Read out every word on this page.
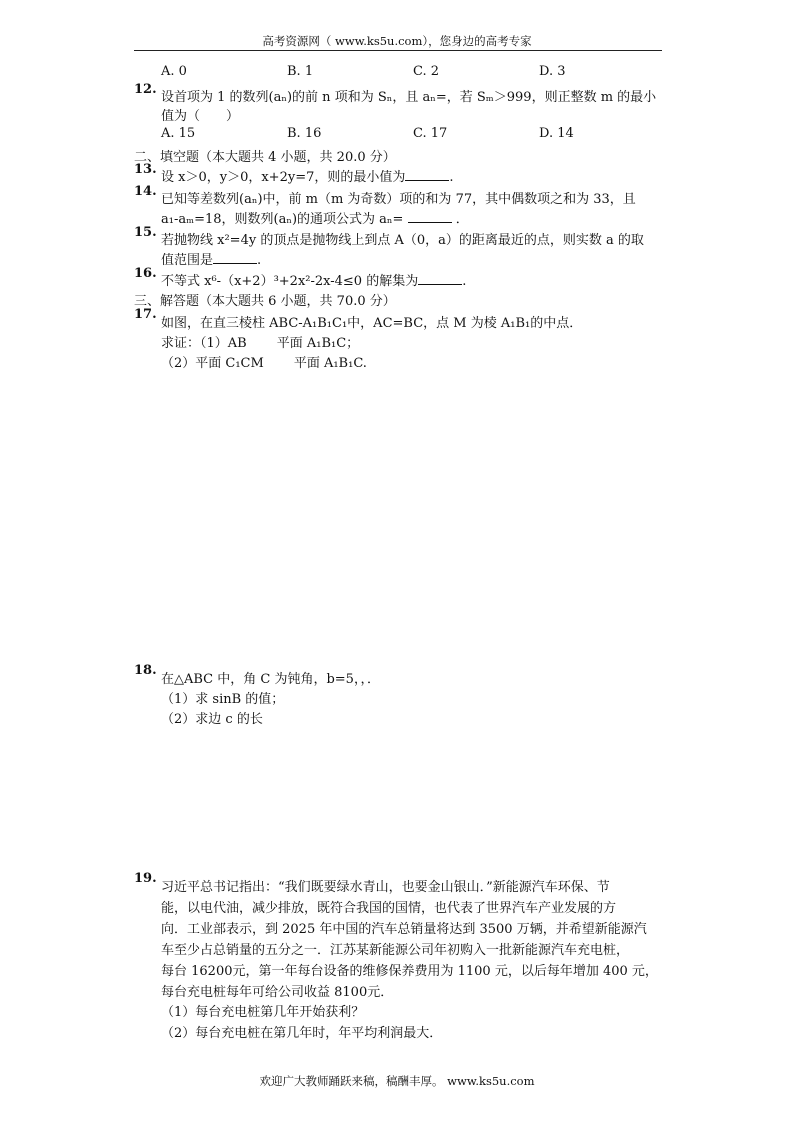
高考资源网（ www.ks5u.com），您身边的高考专家
A. 0	B. 1	C. 2	D. 3
12.
设首项为 1 的数列(aₙ)的前 n 项和为 Sₙ，且 aₙ=，若 Sₘ＞999，则正整数 m 的最小
值为（　　）
A. 15	B. 16	C. 17	D. 14
二、填空题（本大题共 4 小题，共 20.0 分）
13.
设 x＞0，y＞0，x+2y=7，则的最小值为	.
14.
已知等差数列(aₙ)中，前 m（m 为奇数）项的和为 77，其中偶数项之和为 33，且
a₁-aₘ=18，则数列(aₙ)的通项公式为 aₙ=	．
15.
若抛物线 x²=4y 的顶点是抛物线上到点 A（0，a）的距离最近的点，则实数 a 的取
值范围是	.
16.
不等式 x⁶-（x+2）³+2x²-2x-4≤0 的解集为	.
三、解答题（本大题共 6 小题，共 70.0 分）
17.
如图，在直三棱柱 ABC-A₁B₁C₁中，AC=BC，点 M 为棱 A₁B₁的中点．
求证：（1）AB 平面 A₁B₁C；
（2）平面 C₁CM 平面 A₁B₁C.
18.
在△ABC 中，角 C 为钝角，b=5，，．
（1）求 sinB 的值；
（2）求边 c 的长
19.
习近平总书记指出：“我们既要绿水青山，也要金山银山．”新能源汽车环保、节
能，以电代油，减少排放，既符合我国的国情，也代表了世界汽车产业发展的方
向．工业部表示，到 2025 年中国的汽车总销量将达到 3500 万辆，并希望新能源汽
车至少占总销量的五分之一．江苏某新能源公司年初购入一批新能源汽车充电桩，
每台 16200元，第一年每台设备的维修保养费用为 1100 元，以后每年增加 400 元，
每台充电桩每年可给公司收益 8100元．
（1）每台充电桩第几年开始获利？
（2）每台充电桩在第几年时，年平均利润最大．
欢迎广大教师踊跃来稿，稿酬丰厚。 www.ks5u.com
